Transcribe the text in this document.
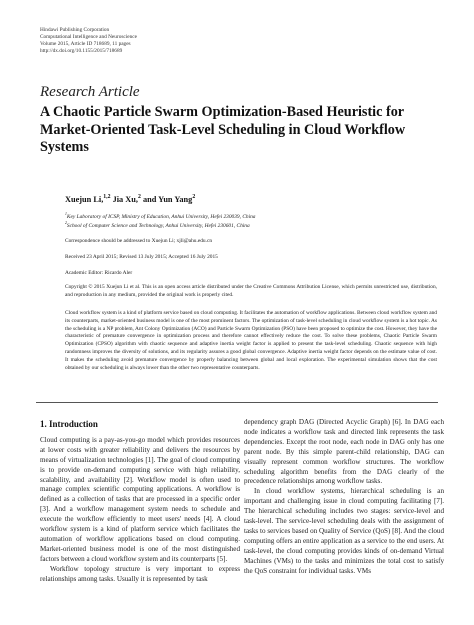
Hindawi Publishing Corporation
Computational Intelligence and Neuroscience
Volume 2015, Article ID 718689, 11 pages
http://dx.doi.org/10.1155/2015/718689
Research Article
A Chaotic Particle Swarm Optimization-Based Heuristic for Market-Oriented Task-Level Scheduling in Cloud Workflow Systems
Xuejun Li,$^{1,2}$ Jia Xu,$^2$ and Yun Yang$^2$
$^1$Key Laboratory of ICSP, Ministry of Education, Anhui University, Hefei 230039, China
$^2$School of Computer Science and Technology, Anhui University, Hefei 230601, China
Correspondence should be addressed to Xuejun Li; xjli@ahu.edu.cn
Received 23 April 2015; Revised 13 July 2015; Accepted 16 July 2015
Academic Editor: Ricardo Aler
Copyright © 2015 Xuejun Li et al. This is an open access article distributed under the Creative Commons Attribution License, which permits unrestricted use, distribution, and reproduction in any medium, provided the original work is properly cited.
Cloud workflow system is a kind of platform service based on cloud computing. It facilitates the automation of workflow applications. Between cloud workflow system and its counterparts, market-oriented business model is one of the most prominent factors. The optimization of task-level scheduling in cloud workflow system is a hot topic. As the scheduling is a NP problem, Ant Colony Optimization (ACO) and Particle Swarm Optimization (PSO) have been proposed to optimize the cost. However, they have the characteristic of premature convergence in optimization process and therefore cannot effectively reduce the cost. To solve these problems, Chaotic Particle Swarm Optimization (CPSO) algorithm with chaotic sequence and adaptive inertia weight factor is applied to present the task-level scheduling. Chaotic sequence with high randomness improves the diversity of solutions, and its regularity assures a good global convergence. Adaptive inertia weight factor depends on the estimate value of cost. It makes the scheduling avoid premature convergence by properly balancing between global and local exploration. The experimental simulation shows that the cost obtained by our scheduling is always lower than the other two representative counterparts.
1. Introduction

Cloud computing is a pay-as-you-go model which provides resources at lower costs with greater reliability and delivers the resources by means of virtualization technologies [1]. The goal of cloud computing is to provide on-demand computing service with high reliability, scalability, and availability [2]. Workflow model is often used to manage complex scientific computing applications. A workflow is defined as a collection of tasks that are processed in a specific order [3]. And a workflow management system needs to schedule and execute the workflow efficiently to meet users' needs [4]. A cloud workflow system is a kind of platform service which facilitates the automation of workflow applications based on cloud computing. Market-oriented business model is one of the most distinguished factors between a cloud workflow system and its counterparts [5].

Workflow topology structure is very important to express relationships among tasks. Usually it is represented by task

dependency graph DAG (Directed Acyclic Graph) [6]. In DAG each node indicates a workflow task and directed link represents the task dependencies. Except the root node, each node in DAG only has one parent node. By this simple parent-child relationship, DAG can visually represent common workflow structures. The workflow scheduling algorithm benefits from the DAG clearly of the precedence relationships among workflow tasks.

In cloud workflow systems, hierarchical scheduling is an important and challenging issue in cloud computing facilitating [7]. The hierarchical scheduling includes two stages: service-level and task-level. The service-level scheduling deals with the assignment of tasks to services based on Quality of Service (QoS) [8]. And the cloud computing offers an entire application as a service to the end users. At task-level, the cloud computing provides kinds of on-demand Virtual Machines (VMs) to the tasks and minimizes the total cost to satisfy the QoS constraint for individual tasks. VMs
